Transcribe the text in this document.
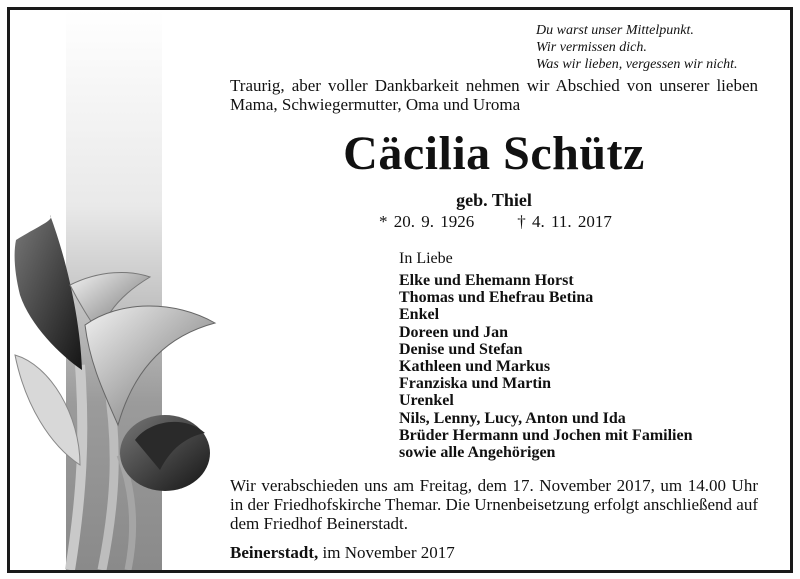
Du warst unser Mittelpunkt.
Wir vermissen dich.
Was wir lieben, vergessen wir nicht.
Traurig, aber voller Dankbarkeit nehmen wir Abschied von unserer lieben Mama, Schwiegermutter, Oma und Uroma
Cäcilia Schütz
geb. Thiel
* 20. 9. 1926	† 4. 11. 2017
In Liebe
Elke und Ehemann Horst
Thomas und Ehefrau Betina
Enkel
Doreen und Jan
Denise und Stefan
Kathleen und Markus
Franziska und Martin
Urenkel
Nils, Lenny, Lucy, Anton und Ida
Brüder Hermann und Jochen mit Familien
sowie alle Angehörigen
Wir verabschieden uns am Freitag, dem 17. November 2017, um 14.00 Uhr in der Friedhofskirche Themar. Die Urnenbeisetzung erfolgt anschließend auf dem Friedhof Beinerstadt.
Beinerstadt, im November 2017
